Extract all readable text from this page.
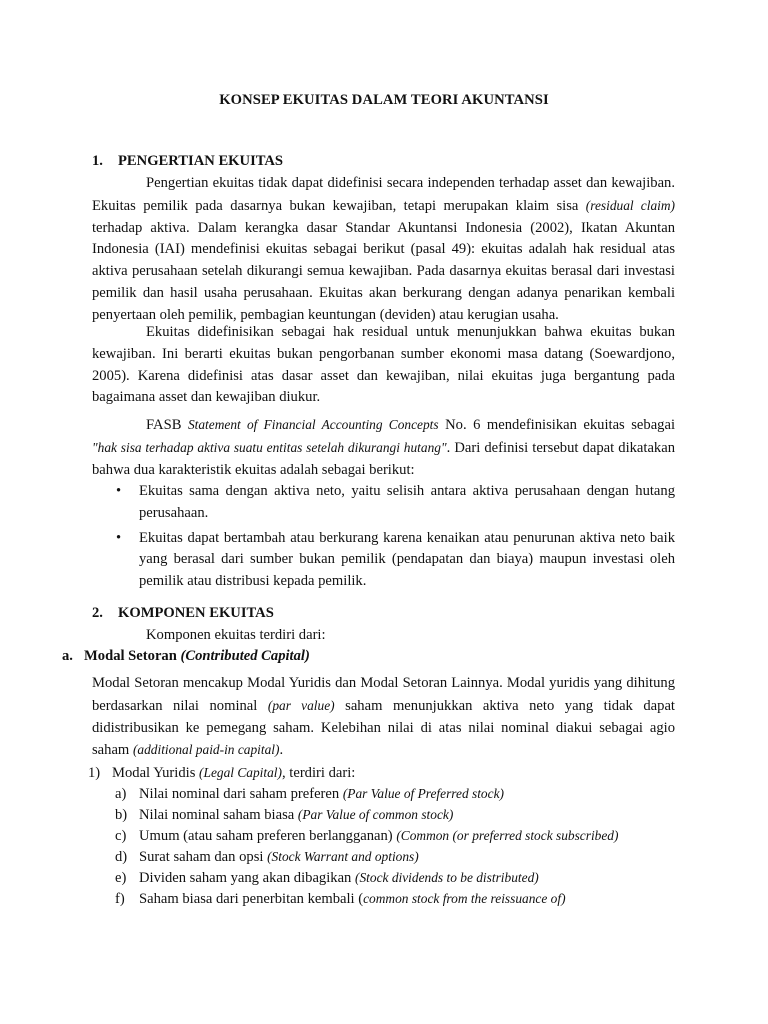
KONSEP EKUITAS DALAM TEORI AKUNTANSI
1. PENGERTIAN EKUITAS
Pengertian ekuitas tidak dapat didefinisi secara independen terhadap asset dan kewajiban. Ekuitas pemilik pada dasarnya bukan kewajiban, tetapi merupakan klaim sisa (residual claim) terhadap aktiva. Dalam kerangka dasar Standar Akuntansi Indonesia (2002), Ikatan Akuntan Indonesia (IAI) mendefinisi ekuitas sebagai berikut (pasal 49): ekuitas adalah hak residual atas aktiva perusahaan setelah dikurangi semua kewajiban. Pada dasarnya ekuitas berasal dari investasi pemilik dan hasil usaha perusahaan. Ekuitas akan berkurang dengan adanya penarikan kembali penyertaan oleh pemilik, pembagian keuntungan (deviden) atau kerugian usaha.
Ekuitas didefinisikan sebagai hak residual untuk menunjukkan bahwa ekuitas bukan kewajiban. Ini berarti ekuitas bukan pengorbanan sumber ekonomi masa datang (Soewardjono, 2005). Karena didefinisi atas dasar asset dan kewajiban, nilai ekuitas juga bergantung pada bagaimana asset dan kewajiban diukur.
FASB Statement of Financial Accounting Concepts No. 6 mendefinisikan ekuitas sebagai "hak sisa terhadap aktiva suatu entitas setelah dikurangi hutang". Dari definisi tersebut dapat dikatakan bahwa dua karakteristik ekuitas adalah sebagai berikut:
• Ekuitas sama dengan aktiva neto, yaitu selisih antara aktiva perusahaan dengan hutang perusahaan.
• Ekuitas dapat bertambah atau berkurang karena kenaikan atau penurunan aktiva neto baik yang berasal dari sumber bukan pemilik (pendapatan dan biaya) maupun investasi oleh pemilik atau distribusi kepada pemilik.
2. KOMPONEN EKUITAS
Komponen ekuitas terdiri dari:
a. Modal Setoran (Contributed Capital)
Modal Setoran mencakup Modal Yuridis dan Modal Setoran Lainnya. Modal yuridis yang dihitung berdasarkan nilai nominal (par value) saham menunjukkan aktiva neto yang tidak dapat didistribusikan ke pemegang saham. Kelebihan nilai di atas nilai nominal diakui sebagai agio saham (additional paid-in capital).
1) Modal Yuridis (Legal Capital), terdiri dari:
a) Nilai nominal dari saham preferen (Par Value of Preferred stock)
b) Nilai nominal saham biasa (Par Value of common stock)
c) Umum (atau saham preferen berlangganan) (Common (or preferred stock subscribed)
d) Surat saham dan opsi (Stock Warrant and options)
e) Dividen saham yang akan dibagikan (Stock dividends to be distributed)
f) Saham biasa dari penerbitan kembali (common stock from the reissuance of)
